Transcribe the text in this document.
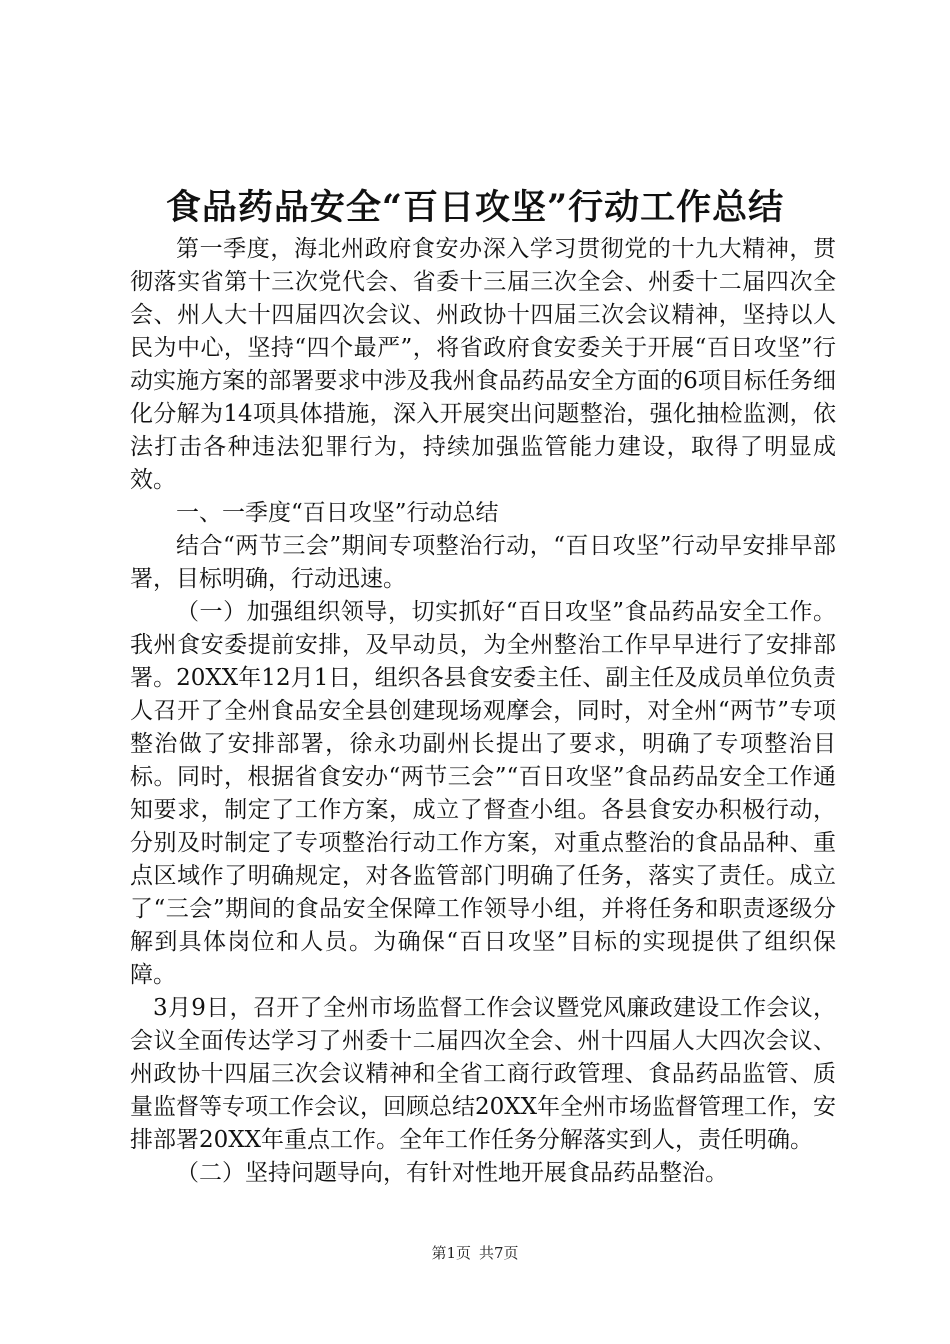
食品药品安全“百日攻坚”行动工作总结

第一季度，海北州政府食安办深入学习贯彻党的十九大精神，贯彻落实省第十三次党代会、省委十三届三次全会、州委十二届四次全会、州人大十四届四次会议、州政协十四届三次会议精神，坚持以人民为中心，坚持“四个最严”，将省政府食安委关于开展“百日攻坚”行动实施方案的部署要求中涉及我州食品药品安全方面的6项目标任务细化分解为14项具体措施，深入开展突出问题整治，强化抽检监测，依法打击各种违法犯罪行为，持续加强监管能力建设，取得了明显成效。

一、一季度“百日攻坚”行动总结

结合“两节三会”期间专项整治行动，“百日攻坚”行动早安排早部署，目标明确，行动迅速。

（一）加强组织领导，切实抓好“百日攻坚”食品药品安全工作。我州食安委提前安排，及早动员，为全州整治工作早早进行了安排部署。20XX年12月1日，组织各县食安委主任、副主任及成员单位负责人召开了全州食品安全县创建现场观摩会，同时，对全州“两节”专项整治做了安排部署，徐永功副州长提出了要求，明确了专项整治目标。同时，根据省食安办“两节三会”“百日攻坚”食品药品安全工作通知要求，制定了工作方案，成立了督查小组。各县食安办积极行动，分别及时制定了专项整治行动工作方案，对重点整治的食品品种、重点区域作了明确规定，对各监管部门明确了任务，落实了责任。成立了“三会”期间的食品安全保障工作领导小组，并将任务和职责逐级分解到具体岗位和人员。为确保“百日攻坚”目标的实现提供了组织保障。

3月9日，召开了全州市场监督工作会议暨党风廉政建设工作会议，会议全面传达学习了州委十二届四次全会、州十四届人大四次会议、州政协十四届三次会议精神和全省工商行政管理、食品药品监管、质量监督等专项工作会议，回顾总结20XX年全州市场监督管理工作，安排部署20XX年重点工作。全年工作任务分解落实到人，责任明确。

（二）坚持问题导向，有针对性地开展食品药品整治。

第1页 共7页
